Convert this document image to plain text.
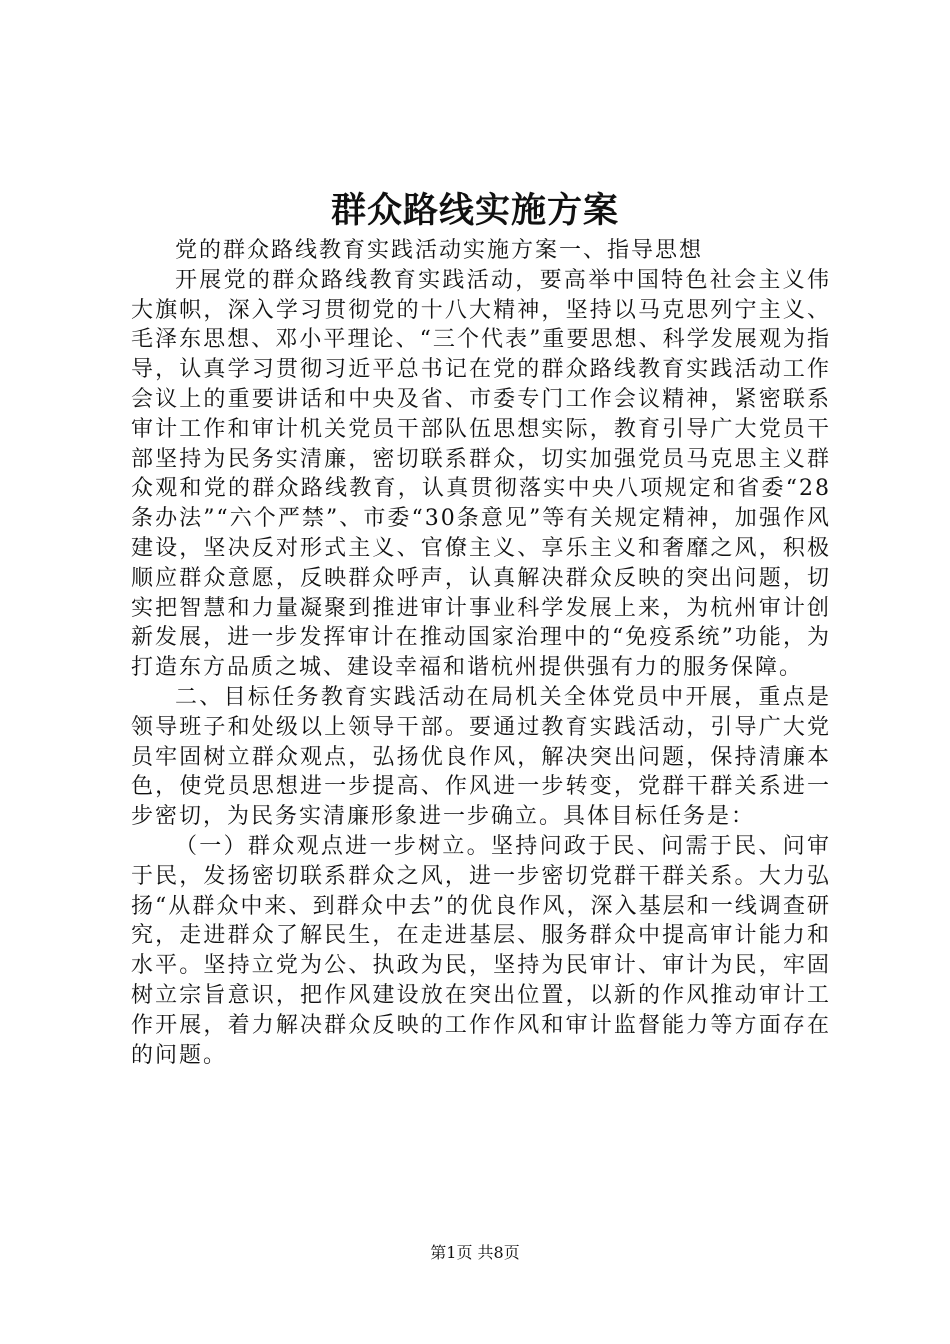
群众路线实施方案

党的群众路线教育实践活动实施方案一、指导思想

开展党的群众路线教育实践活动，要高举中国特色社会主义伟大旗帜，深入学习贯彻党的十八大精神，坚持以马克思列宁主义、毛泽东思想、邓小平理论、“三个代表”重要思想、科学发展观为指导，认真学习贯彻习近平总书记在党的群众路线教育实践活动工作会议上的重要讲话和中央及省、市委专门工作会议精神，紧密联系审计工作和审计机关党员干部队伍思想实际，教育引导广大党员干部坚持为民务实清廉，密切联系群众，切实加强党员马克思主义群众观和党的群众路线教育，认真贯彻落实中央八项规定和省委“28条办法”“六个严禁”、市委“30条意见”等有关规定精神，加强作风建设，坚决反对形式主义、官僚主义、享乐主义和奢靡之风，积极顺应群众意愿，反映群众呼声，认真解决群众反映的突出问题，切实把智慧和力量凝聚到推进审计事业科学发展上来，为杭州审计创新发展，进一步发挥审计在推动国家治理中的“免疫系统”功能，为打造东方品质之城、建设幸福和谐杭州提供强有力的服务保障。

二、目标任务教育实践活动在局机关全体党员中开展，重点是领导班子和处级以上领导干部。要通过教育实践活动，引导广大党员牢固树立群众观点，弘扬优良作风，解决突出问题，保持清廉本色，使党员思想进一步提高、作风进一步转变，党群干群关系进一步密切，为民务实清廉形象进一步确立。具体目标任务是：

（一）群众观点进一步树立。坚持问政于民、问需于民、问审于民，发扬密切联系群众之风，进一步密切党群干群关系。大力弘扬“从群众中来、到群众中去”的优良作风，深入基层和一线调查研究，走进群众了解民生，在走进基层、服务群众中提高审计能力和水平。坚持立党为公、执政为民，坚持为民审计、审计为民，牢固树立宗旨意识，把作风建设放在突出位置，以新的作风推动审计工作开展，着力解决群众反映的工作作风和审计监督能力等方面存在的问题。

第1页 共8页
